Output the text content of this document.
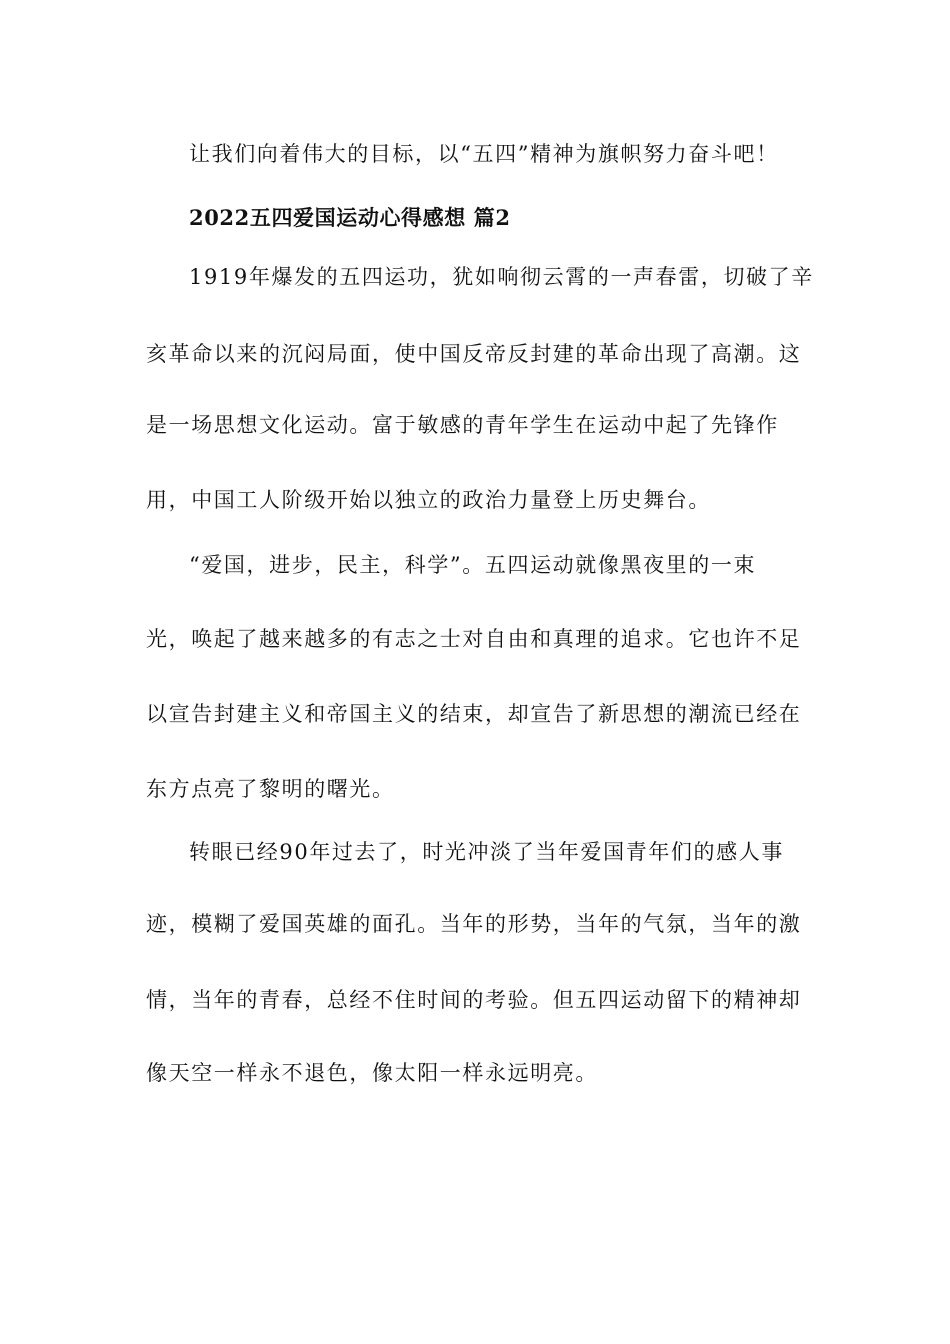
让我们向着伟大的目标，以“五四”精神为旗帜努力奋斗吧！
2022五四爱国运动心得感想 篇2
1919年爆发的五四运功，犹如响彻云霄的一声春雷，切破了辛
亥革命以来的沉闷局面，使中国反帝反封建的革命出现了高潮。这
是一场思想文化运动。富于敏感的青年学生在运动中起了先锋作
用，中国工人阶级开始以独立的政治力量登上历史舞台。
“爱国，进步，民主，科学”。五四运动就像黑夜里的一束
光，唤起了越来越多的有志之士对自由和真理的追求。它也许不足
以宣告封建主义和帝国主义的结束，却宣告了新思想的潮流已经在
东方点亮了黎明的曙光。
转眼已经90年过去了，时光冲淡了当年爱国青年们的感人事
迹，模糊了爱国英雄的面孔。当年的形势，当年的气氛，当年的激
情，当年的青春，总经不住时间的考验。但五四运动留下的精神却
像天空一样永不退色，像太阳一样永远明亮。
